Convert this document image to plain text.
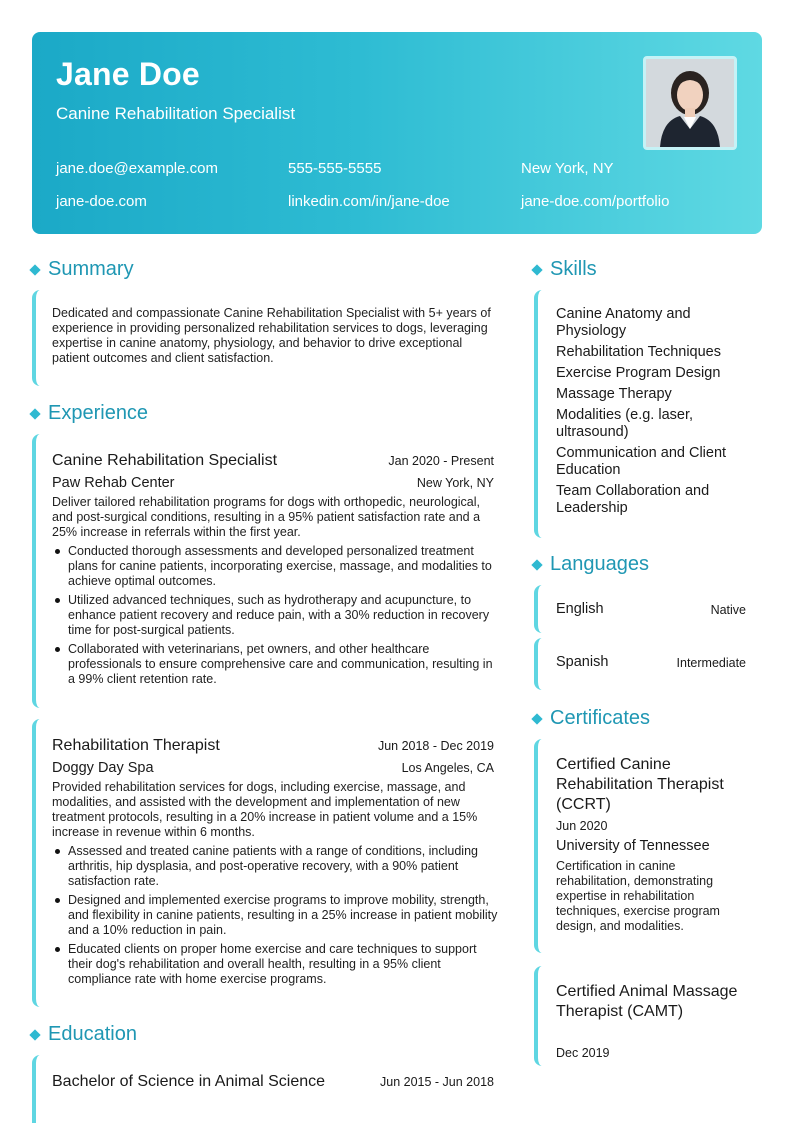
Jane Doe
Canine Rehabilitation Specialist
jane.doe@example.com	555-555-5555	New York, NY
jane-doe.com	linkedin.com/in/jane-doe	jane-doe.com/portfolio
Summary
Dedicated and compassionate Canine Rehabilitation Specialist with 5+ years of experience in providing personalized rehabilitation services to dogs, leveraging expertise in canine anatomy, physiology, and behavior to drive exceptional patient outcomes and client satisfaction.
Experience
Canine Rehabilitation Specialist	Jan 2020 - Present
Paw Rehab Center	New York, NY
Deliver tailored rehabilitation programs for dogs with orthopedic, neurological, and post-surgical conditions, resulting in a 95% patient satisfaction rate and a 25% increase in referrals within the first year.
Conducted thorough assessments and developed personalized treatment plans for canine patients, incorporating exercise, massage, and modalities to achieve optimal outcomes.
Utilized advanced techniques, such as hydrotherapy and acupuncture, to enhance patient recovery and reduce pain, with a 30% reduction in recovery time for post-surgical patients.
Collaborated with veterinarians, pet owners, and other healthcare professionals to ensure comprehensive care and communication, resulting in a 99% client retention rate.
Rehabilitation Therapist	Jun 2018 - Dec 2019
Doggy Day Spa	Los Angeles, CA
Provided rehabilitation services for dogs, including exercise, massage, and modalities, and assisted with the development and implementation of new treatment protocols, resulting in a 20% increase in patient volume and a 15% increase in revenue within 6 months.
Assessed and treated canine patients with a range of conditions, including arthritis, hip dysplasia, and post-operative recovery, with a 90% patient satisfaction rate.
Designed and implemented exercise programs to improve mobility, strength, and flexibility in canine patients, resulting in a 25% increase in patient mobility and a 10% reduction in pain.
Educated clients on proper home exercise and care techniques to support their dog's rehabilitation and overall health, resulting in a 95% client compliance rate with home exercise programs.
Education
Bachelor of Science in Animal Science	Jun 2015 - Jun 2018
Skills
Canine Anatomy and Physiology
Rehabilitation Techniques
Exercise Program Design
Massage Therapy
Modalities (e.g. laser, ultrasound)
Communication and Client Education
Team Collaboration and Leadership
Languages
English	Native
Spanish	Intermediate
Certificates
Certified Canine Rehabilitation Therapist (CCRT)
Jun 2020
University of Tennessee
Certification in canine rehabilitation, demonstrating expertise in rehabilitation techniques, exercise program design, and modalities.
Certified Animal Massage Therapist (CAMT)
Dec 2019
